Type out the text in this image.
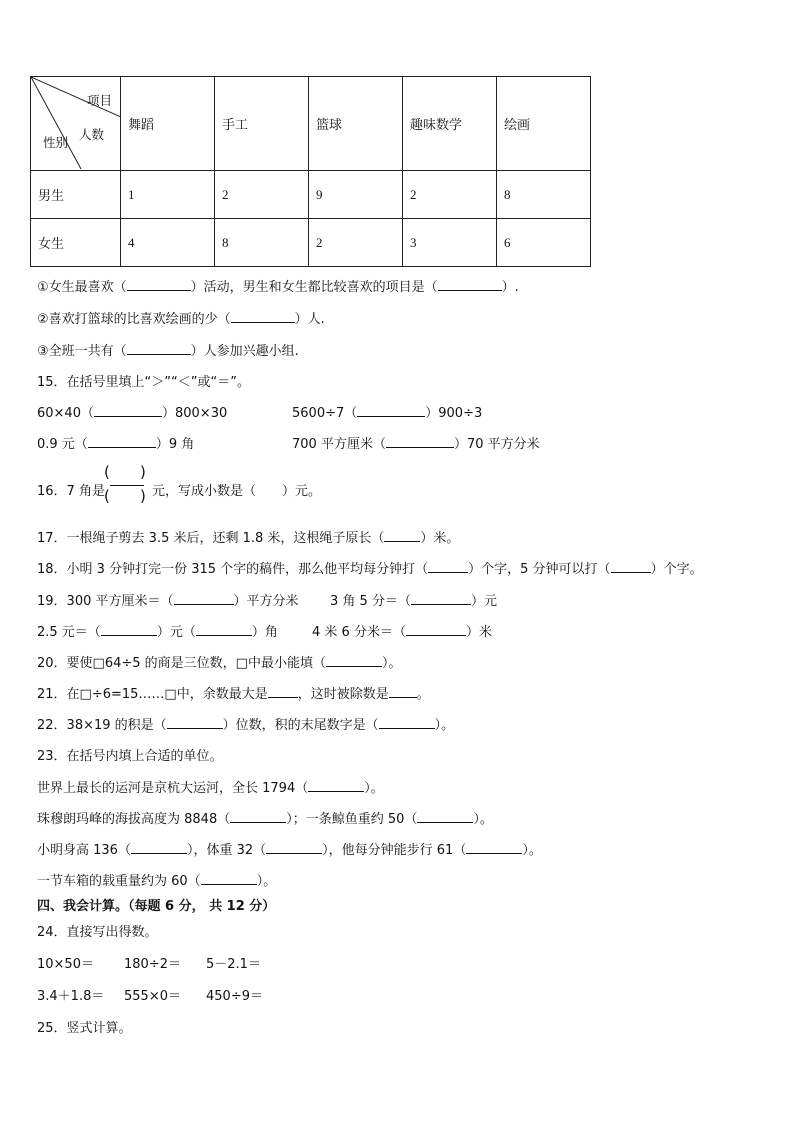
项目
人数
性别	舞蹈	手工	篮球	趣味数学	绘画
男生	1	2	9	2	8
女生	4	8	2	3	6
①女生最喜欢（	）活动，男生和女生都比较喜欢的项目是（	）.
②喜欢打篮球的比喜欢绘画的少（	）人.
③全班一共有（	）人参加兴趣小组.
15．在括号里填上“＞”“＜”或“＝”。
60×40（	）800×30	5600÷7（	）900÷3
0.9 元（	）9 角	700 平方厘米（	）70 平方分米
16．7 角是
( )
( ) 元，写成小数是（　　）元。
17．一根绳子剪去 3.5 米后，还剩 1.8 米，这根绳子原长（	）米。
18．小明 3 分钟打完一份 315 个字的稿件，那么他平均每分钟打（	）个字，5 分钟可以打（	）个字。
19．300 平方厘米＝（	）平方分米 3 角 5 分＝（	）元
2.5 元＝（	）元（	）角	4 米 6 分米＝（	）米
20．要使□64÷5 的商是三位数，□中最小能填（	）。
21．在□÷6=15……□中，余数最大是 ，这时被除数是 。
22．38×19 的积是（	）位数，积的末尾数字是（	）。
23．在括号内填上合适的单位。
世界上最长的运河是京杭大运河，全长 1794（	）。
珠穆朗玛峰的海拔高度为 8848（	）；一条鲸鱼重约 50（	）。
小明身高 136（	），体重 32（	），他每分钟能步行 61（	）。
一节车箱的载重量约为 60（	）。
四、我会计算。（每题 6 分， 共 12 分）
24．直接写出得数。
10×50＝ 180÷2＝ 5－2.1＝
3.4＋1.8＝ 555×0＝ 450÷9＝
25．竖式计算。
